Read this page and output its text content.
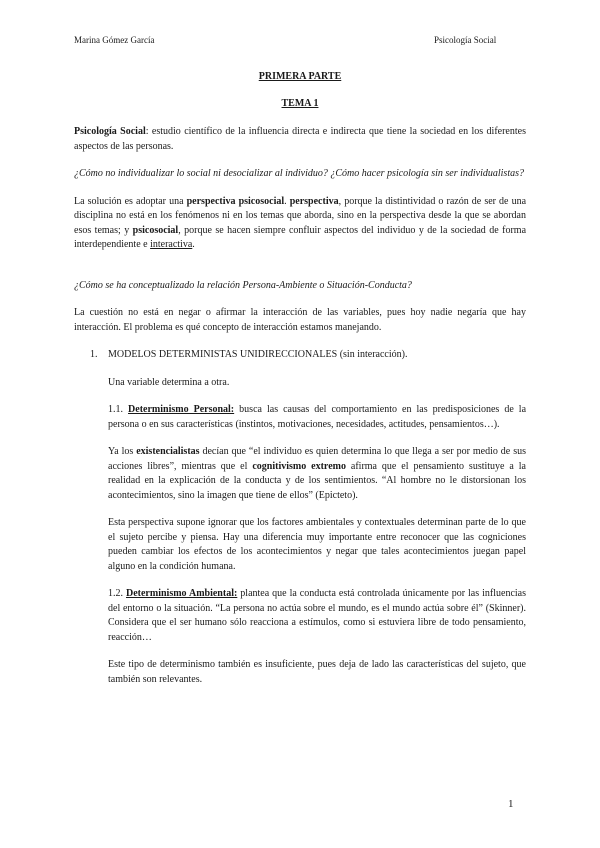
Marina Gómez García	Psicología Social

PRIMERA PARTE

TEMA 1

Psicología Social: estudio científico de la influencia directa e indirecta que tiene la sociedad en los diferentes aspectos de las personas.

¿Cómo no individualizar lo social ni desocializar al individuo? ¿Cómo hacer psicología sin ser individualistas?

La solución es adoptar una perspectiva psicosocial. perspectiva, porque la distintividad o razón de ser de una disciplina no está en los fenómenos ni en los temas que aborda, sino en la perspectiva desde la que se abordan esos temas; y psicosocial, porque se hacen siempre confluir aspectos del individuo y de la sociedad de forma interdependiente e interactiva.

¿Cómo se ha conceptualizado la relación Persona-Ambiente o Situación-Conducta?

La cuestión no está en negar o afirmar la interacción de las variables, pues hoy nadie negaría que hay interacción. El problema es qué concepto de interacción estamos manejando.

1.	MODELOS DETERMINISTAS UNIDIRECCIONALES (sin interacción).

Una variable determina a otra.

1.1. Determinismo Personal: busca las causas del comportamiento en las predisposiciones de la persona o en sus características (instintos, motivaciones, necesidades, actitudes, pensamientos…).

Ya los existencialistas decían que “el individuo es quien determina lo que llega a ser por medio de sus acciones libres”, mientras que el cognitivismo extremo afirma que el pensamiento sustituye a la realidad en la explicación de la conducta y de los sentimientos. “Al hombre no le distorsionan los acontecimientos, sino la imagen que tiene de ellos” (Epicteto).

Esta perspectiva supone ignorar que los factores ambientales y contextuales determinan parte de lo que el sujeto percibe y piensa. Hay una diferencia muy importante entre reconocer que las cogniciones pueden cambiar los efectos de los acontecimientos y negar que tales acontecimientos juegan papel alguno en la condición humana.

1.2. Determinismo Ambiental: plantea que la conducta está controlada únicamente por las influencias del entorno o la situación. “La persona no actúa sobre el mundo, es el mundo actúa sobre él” (Skinner). Considera que el ser humano sólo reacciona a estímulos, como si estuviera libre de todo pensamiento, reacción…

Este tipo de determinismo también es insuficiente, pues deja de lado las características del sujeto, que también son relevantes.

1
